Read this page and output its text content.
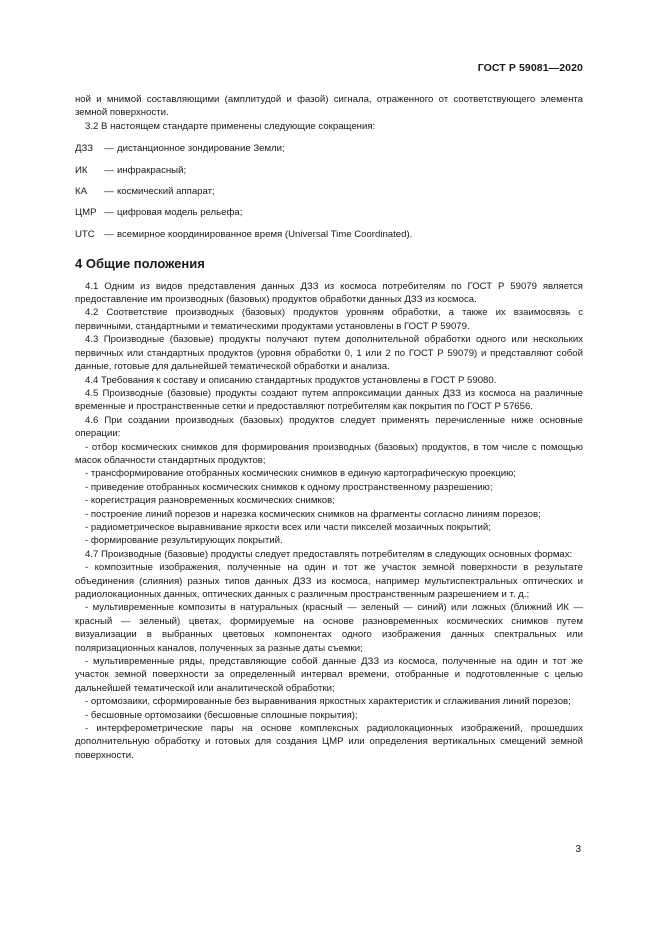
ГОСТ Р 59081—2020

ной и мнимой составляющими (амплитудой и фазой) сигнала, отраженного от соответствующего элемента земной поверхности.

3.2 В настоящем стандарте применены следующие сокращения:

ДЗЗ	— дистанционное зондирование Земли;
ИК	— инфракрасный;
КА	— космический аппарат;
ЦМР — цифровая модель рельефа;
UTC — всемирное координированное время (Universal Time Coordinated).
4 Общие положения

4.1 Одним из видов представления данных ДЗЗ из космоса потребителям по ГОСТ Р 59079 является предоставление им производных (базовых) продуктов обработки данных ДЗЗ из космоса.

4.2 Соответствие производных (базовых) продуктов уровням обработки, а также их взаимосвязь с первичными, стандартными и тематическими продуктами установлены в ГОСТ Р 59079.

4.3 Производные (базовые) продукты получают путем дополнительной обработки одного или нескольких первичных или стандартных продуктов (уровня обработки 0, 1 или 2 по ГОСТ Р 59079) и представляют собой данные, готовые для дальнейшей тематической обработки и анализа.

4.4 Требования к составу и описанию стандартных продуктов установлены в ГОСТ Р 59080.

4.5 Производные (базовые) продукты создают путем аппроксимации данных ДЗЗ из космоса на различные временные и пространственные сетки и предоставляют потребителям как покрытия по ГОСТ Р 57656.

4.6 При создании производных (базовых) продуктов следует применять перечисленные ниже основные операции:

- отбор космических снимков для формирования производных (базовых) продуктов, в том числе с помощью масок облачности стандартных продуктов;

- трансформирование отобранных космических снимков в единую картографическую проекцию;

- приведение отобранных космических снимков к одному пространственному разрешению;

- корегистрация разновременных космических снимков;

- построение линий порезов и нарезка космических снимков на фрагменты согласно линиям порезов;

- радиометрическое выравнивание яркости всех или части пикселей мозаичных покрытий;

- формирование результирующих покрытий.

4.7 Производные (базовые) продукты следует предоставлять потребителям в следующих основных формах:

- композитные изображения, полученные на один и тот же участок земной поверхности в результате объединения (слияния) разных типов данных ДЗЗ из космоса, например мультиспектральных оптических и радиолокационных данных, оптических данных с различным пространственным разрешением и т. д.;

- мультивременные композиты в натуральных (красный — зеленый — синий) или ложных (ближний ИК — красный — зеленый) цветах, формируемые на основе разновременных космических снимков путем визуализации в выбранных цветовых компонентах одного изображения данных спектральных или поляризационных каналов, полученных за разные даты съемки;

- мультивременные ряды, представляющие собой данные ДЗЗ из космоса, полученные на один и тот же участок земной поверхности за определенный интервал времени, отобранные и подготовленные с целью дальнейшей тематической или аналитической обработки;

- ортомозаики, сформированные без выравнивания яркостных характеристик и сглаживания линий порезов;

- бесшовные ортомозаики (бесшовные сплошные покрытия);

- интерферометрические пары на основе комплексных радиолокационных изображений, прошедших дополнительную обработку и готовых для создания ЦМР или определения вертикальных смещений земной поверхности.

3
